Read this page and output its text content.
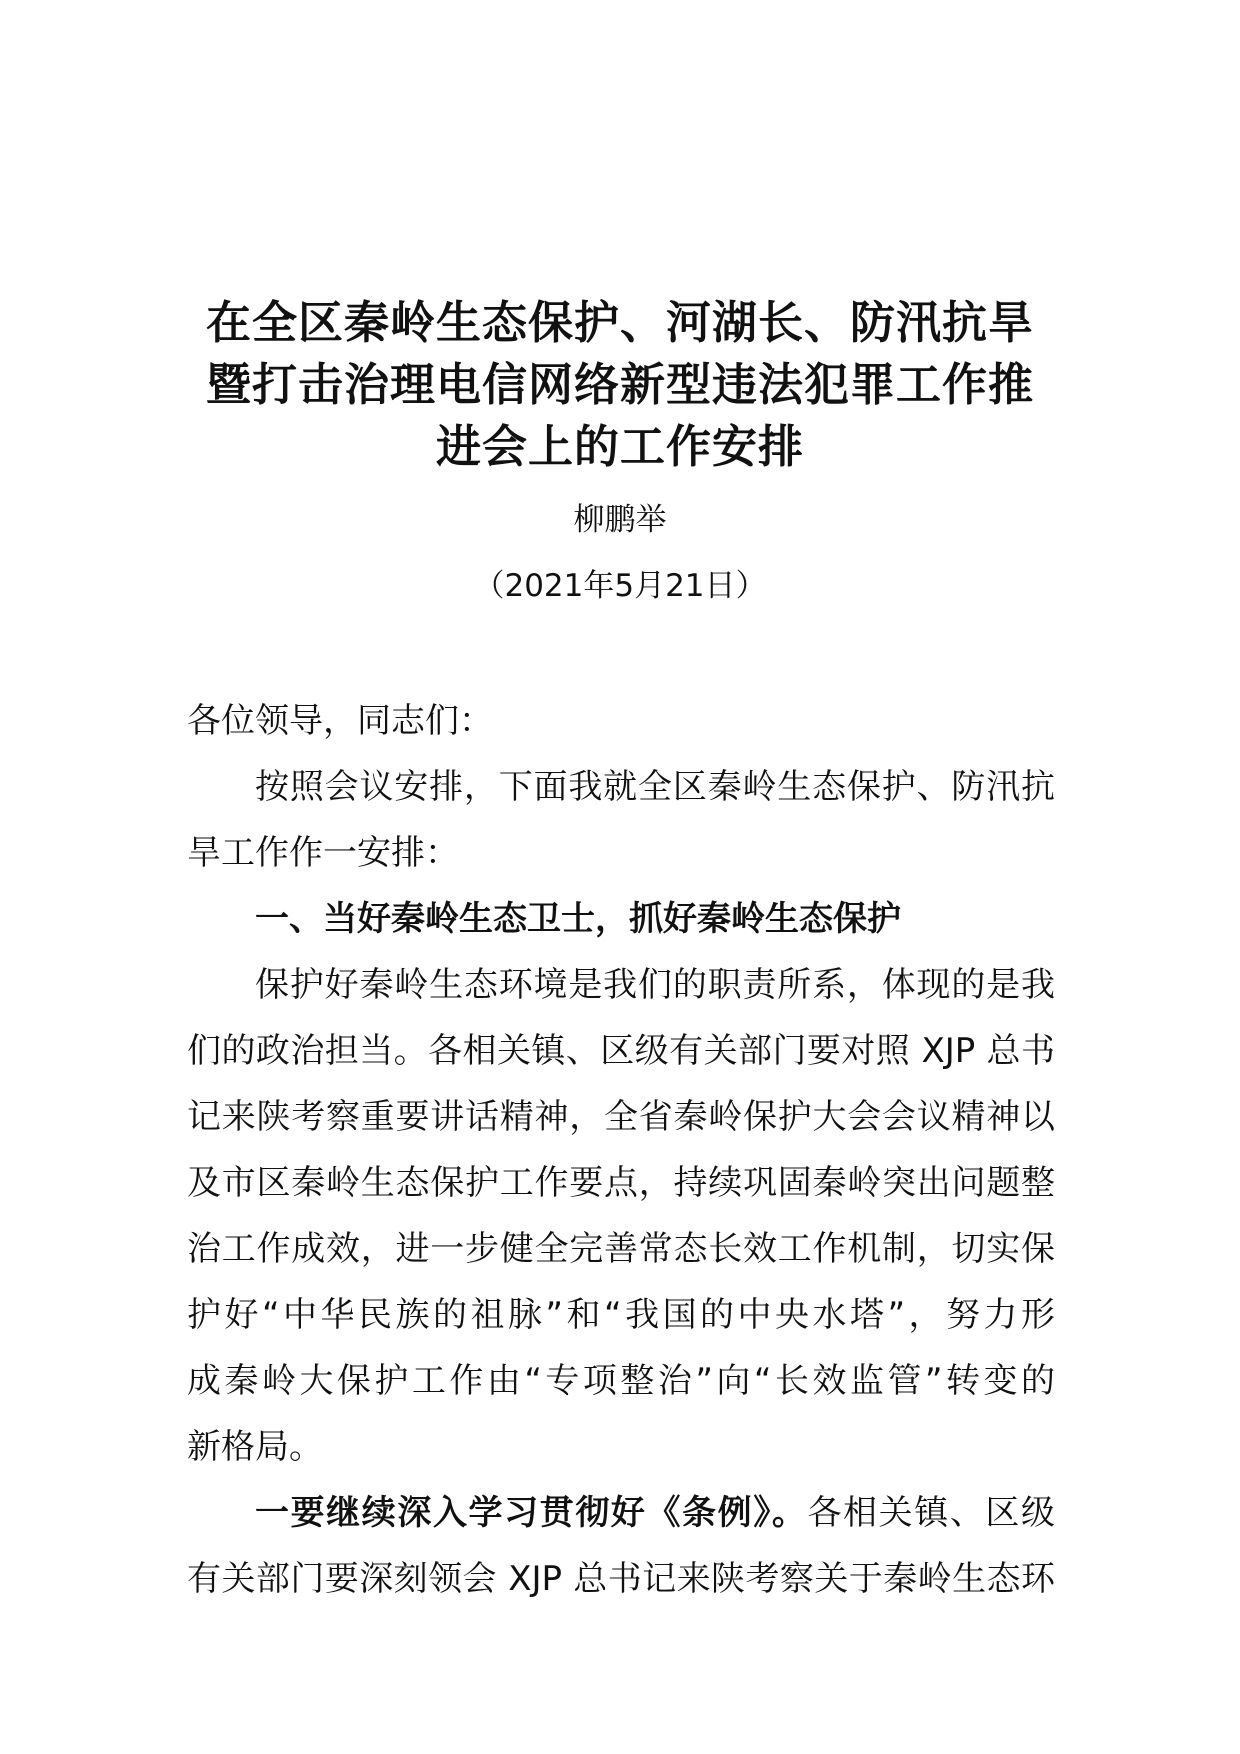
在全区秦岭生态保护、河湖长、防汛抗旱
暨打击治理电信网络新型违法犯罪工作推
进会上的工作安排

柳鹏举

（2021年5月21日）

各位领导，同志们：

按照会议安排，下面我就全区秦岭生态保护、防汛抗
旱工作作一安排：

一、当好秦岭生态卫士，抓好秦岭生态保护

保护好秦岭生态环境是我们的职责所系，体现的是我
们的政治担当。各相关镇、区级有关部门要对照 XJP 总书
记来陕考察重要讲话精神，全省秦岭保护大会会议精神以
及市区秦岭生态保护工作要点，持续巩固秦岭突出问题整
治工作成效，进一步健全完善常态长效工作机制，切实保
护好“中华民族的祖脉”和“我国的中央水塔”，努力形
成秦岭大保护工作由“专项整治”向“长效监管”转变的
新格局。

一要继续深入学习贯彻好《条例》。各相关镇、区级
有关部门要深刻领会 XJP 总书记来陕考察关于秦岭生态环
